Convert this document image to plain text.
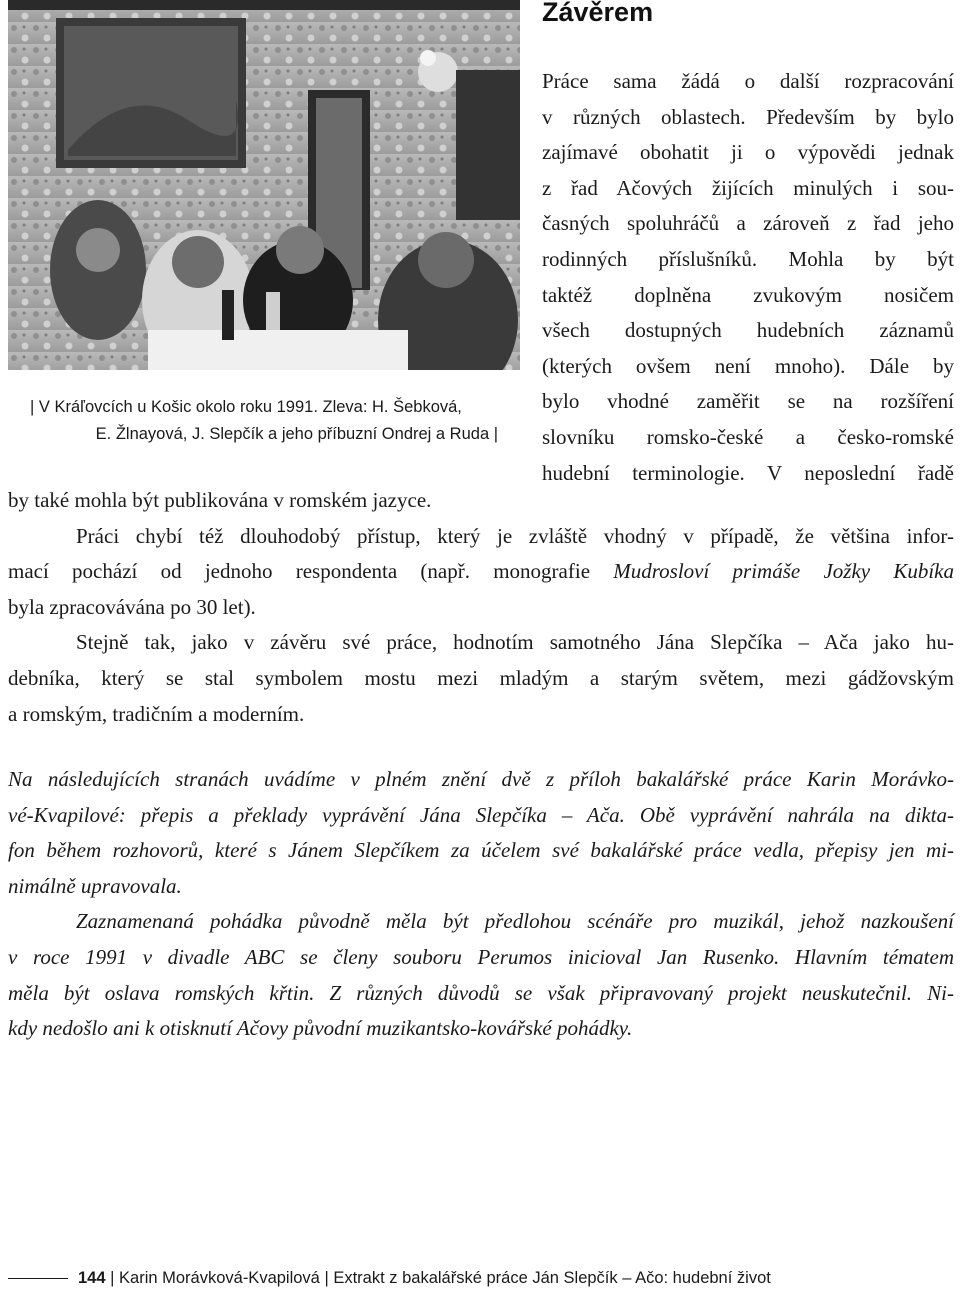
| V Kráľovcích u Košic okolo roku 1991. Zleva: H. Šebková,
E. Žlnayová, J. Slepčík a jeho příbuzní Ondrej a Ruda |
Závěrem

Práce sama žádá o další rozpracování
v různých oblastech. Především by bylo
zajímavé obohatit ji o výpovědi jednak
z řad Ačových žijících minulých i sou-
časných spoluhráčů a zároveň z řad jeho
rodinných příslušníků. Mohla by být
taktéž doplněna zvukovým nosičem
všech dostupných hudebních záznamů
(kterých ovšem není mnoho). Dále by
bylo vhodné zaměřit se na rozšíření
slovníku romsko-české a česko-romské
hudební terminologie. V neposlední řadě

by také mohla být publikována v romském jazyce.
Práci chybí též dlouhodobý přístup, který je zvláště vhodný v případě, že většina infor-
mací pochází od jednoho respondenta (např. monografie Mudrosloví primáše Jožky Kubíka
byla zpracovávána po 30 let).
Stejně tak, jako v závěru své práce, hodnotím samotného Jána Slepčíka – Ača jako hu-
debníka, který se stal symbolem mostu mezi mladým a starým světem, mezi gádžovským
a romským, tradičním a moderním.
Na následujících stranách uvádíme v plném znění dvě z příloh bakalářské práce Karin Morávko-
vé-Kvapilové: přepis a překlady vyprávění Jána Slepčíka – Ača. Obě vyprávění nahrála na dikta-
fon během rozhovorů, které s Jánem Slepčíkem za účelem své bakalářské práce vedla, přepisy jen mi-
nimálně upravovala.
Zaznamenaná pohádka původně měla být předlohou scénáře pro muzikál, jehož nazkoušení
v roce 1991 v divadle ABC se členy souboru Perumos inicioval Jan Rusenko. Hlavním tématem
měla být oslava romských křtin. Z různých důvodů se však připravovaný projekt neuskutečnil. Ni-
kdy nedošlo ani k otisknutí Ačovy původní muzikantsko-kovářské pohádky.
144 | Karin Morávková-Kvapilová | Extrakt z bakalářské práce Ján Slepčík – Ačo: hudební život
